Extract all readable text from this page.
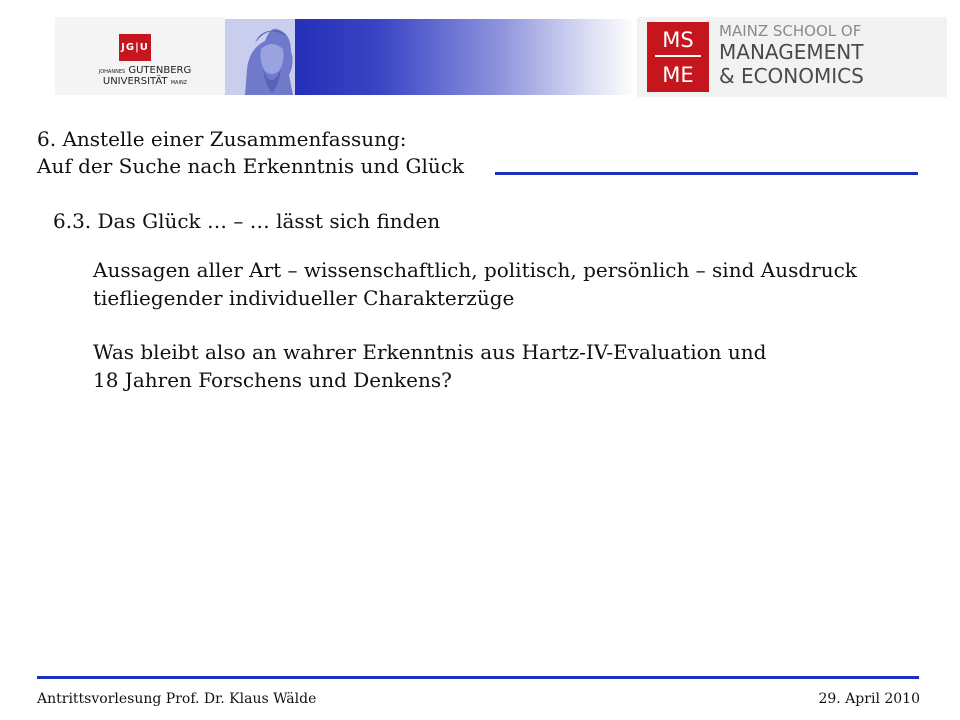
JG|U
JOHANNES GUTENBERG
UNIVERSITÄT MAINZ
MS
ME
MAINZ SCHOOL OF
MANAGEMENT
& ECONOMICS
6. Anstelle einer Zusammenfassung:
Auf der Suche nach Erkenntnis und Glück
6.3. Das Glück … – … lässt sich finden
Aussagen aller Art – wissenschaftlich, politisch, persönlich – sind Ausdruck
tiefliegender individueller Charakterzüge
Was bleibt also an wahrer Erkenntnis aus Hartz-IV-Evaluation und
18 Jahren Forschens und Denkens?
Antrittsvorlesung Prof. Dr. Klaus Wälde	29. April 2010
